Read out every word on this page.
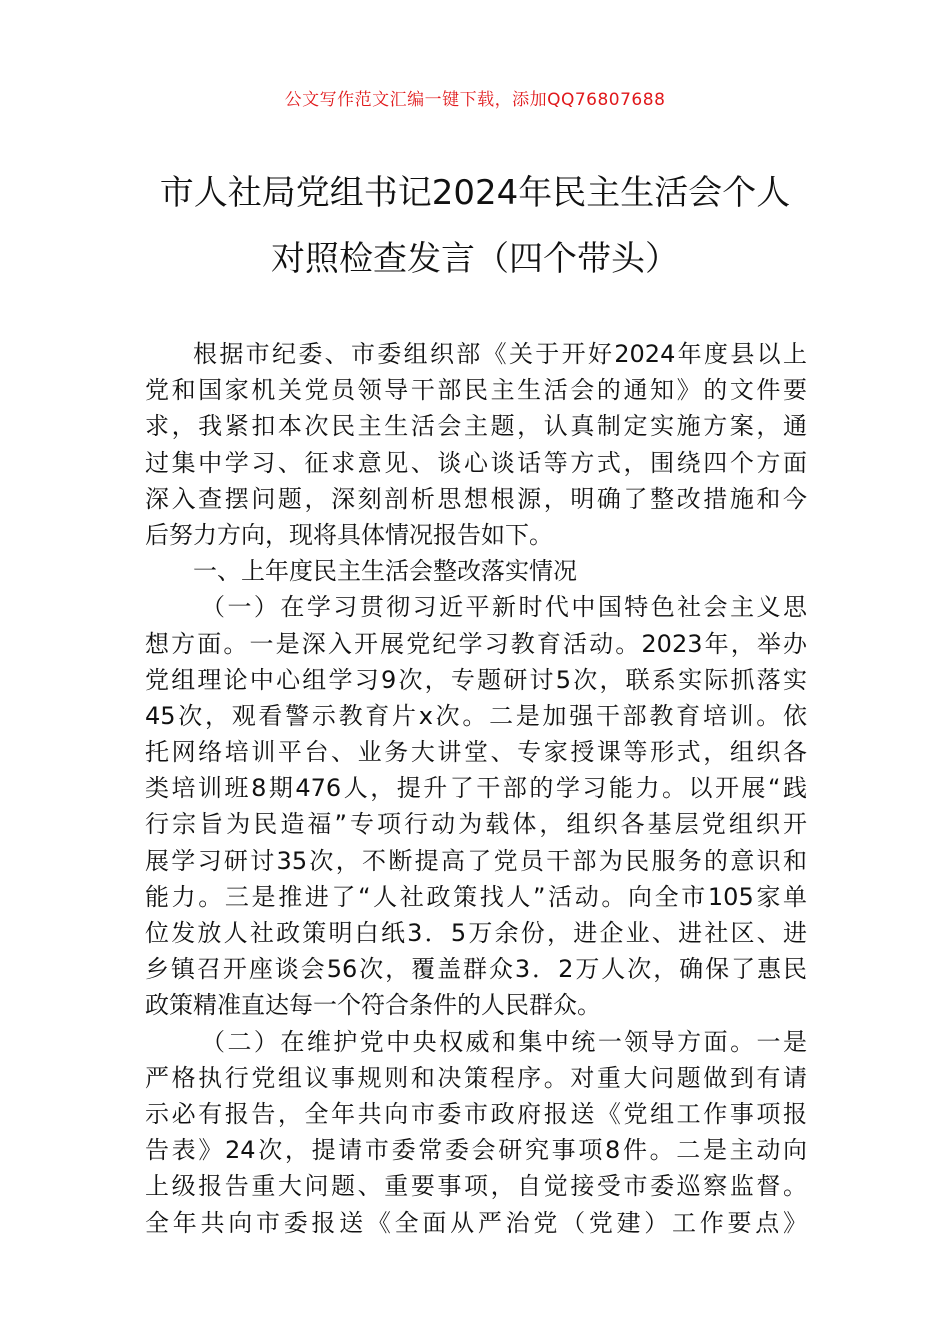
公文写作范文汇编一键下载，添加QQ76807688
市人社局党组书记2024年民主生活会个人
对照检查发言（四个带头）
根据市纪委、市委组织部《关于开好2024年度县以上
党和国家机关党员领导干部民主生活会的通知》的文件要
求，我紧扣本次民主生活会主题，认真制定实施方案，通
过集中学习、征求意见、谈心谈话等方式，围绕四个方面
深入查摆问题，深刻剖析思想根源，明确了整改措施和今
后努力方向，现将具体情况报告如下。
一、上年度民主生活会整改落实情况
（一）在学习贯彻习近平新时代中国特色社会主义思
想方面。一是深入开展党纪学习教育活动。2023年，举办
党组理论中心组学习9次，专题研讨5次，联系实际抓落实
45次，观看警示教育片x次。二是加强干部教育培训。依
托网络培训平台、业务大讲堂、专家授课等形式，组织各
类培训班8期476人，提升了干部的学习能力。以开展“践
行宗旨为民造福”专项行动为载体，组织各基层党组织开
展学习研讨35次，不断提高了党员干部为民服务的意识和
能力。三是推进了“人社政策找人”活动。向全市105家单
位发放人社政策明白纸3．5万余份，进企业、进社区、进
乡镇召开座谈会56次，覆盖群众3．2万人次，确保了惠民
政策精准直达每一个符合条件的人民群众。
（二）在维护党中央权威和集中统一领导方面。一是
严格执行党组议事规则和决策程序。对重大问题做到有请
示必有报告，全年共向市委市政府报送《党组工作事项报
告表》24次，提请市委常委会研究事项8件。二是主动向
上级报告重大问题、重要事项，自觉接受市委巡察监督。
全年共向市委报送《全面从严治党（党建）工作要点》
